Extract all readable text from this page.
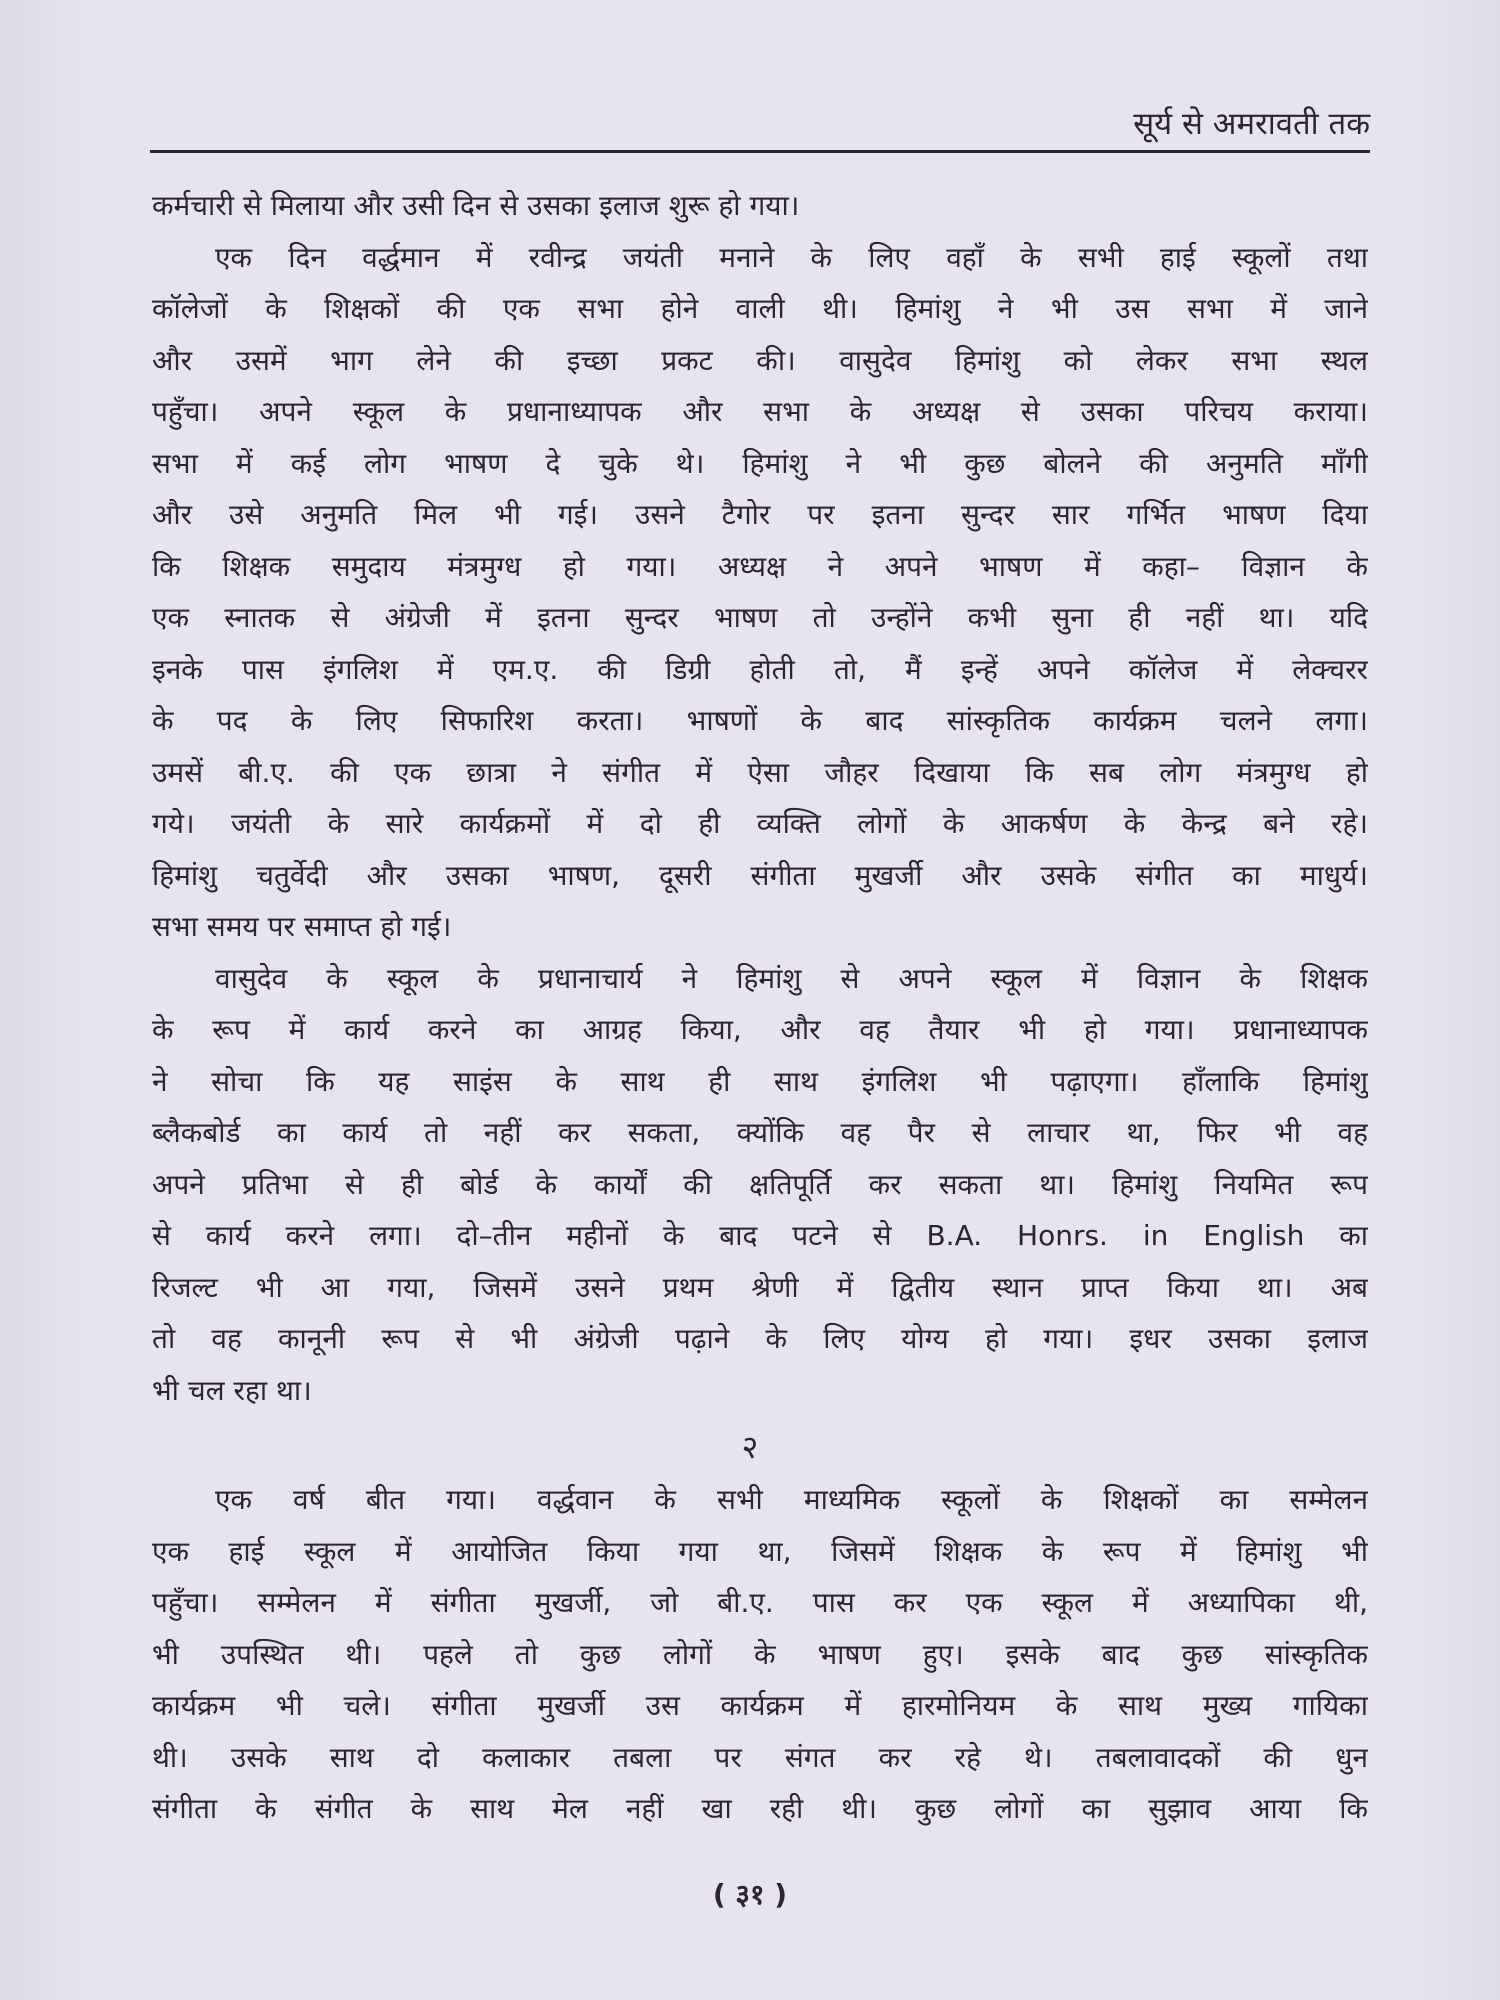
सूर्य से अमरावती तक
कर्मचारी से मिलाया और उसी दिन से उसका इलाज शुरू हो गया।
एक दिन वर्द्धमान में रवीन्द्र जयंती मनाने के लिए वहाँ के सभी हाई स्कूलों तथा
कॉलेजों के शिक्षकों की एक सभा होने वाली थी। हिमांशु ने भी उस सभा में जाने
और उसमें भाग लेने की इच्छा प्रकट की। वासुदेव हिमांशु को लेकर सभा स्थल
पहुँचा। अपने स्कूल के प्रधानाध्यापक और सभा के अध्यक्ष से उसका परिचय कराया।
सभा में कई लोग भाषण दे चुके थे। हिमांशु ने भी कुछ बोलने की अनुमति माँगी
और उसे अनुमति मिल भी गई। उसने टैगोर पर इतना सुन्दर सार गर्भित भाषण दिया
कि शिक्षक समुदाय मंत्रमुग्ध हो गया। अध्यक्ष ने अपने भाषण में कहा– विज्ञान के
एक स्नातक से अंग्रेजी में इतना सुन्दर भाषण तो उन्होंने कभी सुना ही नहीं था। यदि
इनके पास इंगलिश में एम.ए. की डिग्री होती तो, मैं इन्हें अपने कॉलेज में लेक्चरर
के पद के लिए सिफारिश करता। भाषणों के बाद सांस्कृतिक कार्यक्रम चलने लगा।
उमसें बी.ए. की एक छात्रा ने संगीत में ऐसा जौहर दिखाया कि सब लोग मंत्रमुग्ध हो
गये। जयंती के सारे कार्यक्रमों में दो ही व्यक्ति लोगों के आकर्षण के केन्द्र बने रहे।
हिमांशु चतुर्वेदी और उसका भाषण, दूसरी संगीता मुखर्जी और उसके संगीत का माधुर्य।
सभा समय पर समाप्त हो गई।
वासुदेव के स्कूल के प्रधानाचार्य ने हिमांशु से अपने स्कूल में विज्ञान के शिक्षक
के रूप में कार्य करने का आग्रह किया, और वह तैयार भी हो गया। प्रधानाध्यापक
ने सोचा कि यह साइंस के साथ ही साथ इंगलिश भी पढ़ाएगा। हाँलाकि हिमांशु
ब्लैकबोर्ड का कार्य तो नहीं कर सकता, क्योंकि वह पैर से लाचार था, फिर भी वह
अपने प्रतिभा से ही बोर्ड के कार्यों की क्षतिपूर्ति कर सकता था। हिमांशु नियमित रूप
से कार्य करने लगा। दो–तीन महीनों के बाद पटने से B.A. Honrs. in English का
रिजल्ट भी आ गया, जिसमें उसने प्रथम श्रेणी में द्वितीय स्थान प्राप्त किया था। अब
तो वह कानूनी रूप से भी अंग्रेजी पढ़ाने के लिए योग्य हो गया। इधर उसका इलाज
भी चल रहा था।
एक वर्ष बीत गया। वर्द्धवान के सभी माध्यमिक स्कूलों के शिक्षकों का सम्मेलन
एक हाई स्कूल में आयोजित किया गया था, जिसमें शिक्षक के रूप में हिमांशु भी
पहुँचा। सम्मेलन में संगीता मुखर्जी, जो बी.ए. पास कर एक स्कूल में अध्यापिका थी,
भी उपस्थित थी। पहले तो कुछ लोगों के भाषण हुए। इसके बाद कुछ सांस्कृतिक
कार्यक्रम भी चले। संगीता मुखर्जी उस कार्यक्रम में हारमोनियम के साथ मुख्य गायिका
थी। उसके साथ दो कलाकार तबला पर संगत कर रहे थे। तबलावादकों की धुन
संगीता के संगीत के साथ मेल नहीं खा रही थी। कुछ लोगों का सुझाव आया कि
२
( ३१ )
